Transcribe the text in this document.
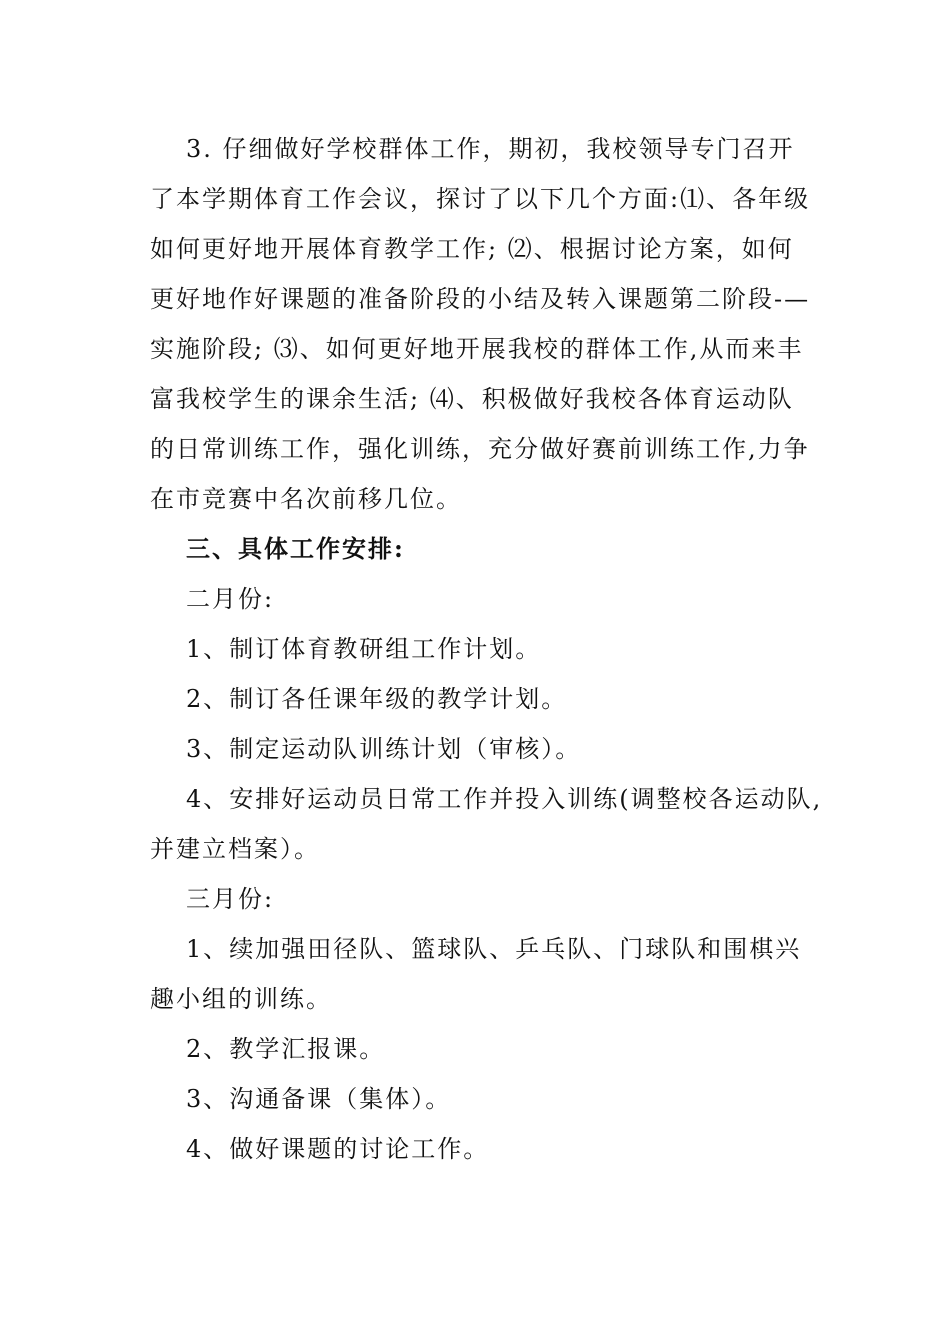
3. 仔细做好学校群体工作，期初，我校领导专门召开
了本学期体育工作会议，探讨了以下几个方面:⑴、各年级
如何更好地开展体育教学工作; ⑵、根据讨论方案，如何
更好地作好课题的准备阶段的小结及转入课题第二阶段-—
实施阶段; ⑶、如何更好地开展我校的群体工作,从而来丰
富我校学生的课余生活; ⑷、积极做好我校各体育运动队
的日常训练工作，强化训练，充分做好赛前训练工作,力争
在市竞赛中名次前移几位。
三、具体工作安排:
二月份:
1、制订体育教研组工作计划。
2、制订各任课年级的教学计划。
3、制定运动队训练计划（审核）。
4、安排好运动员日常工作并投入训练(调整校各运动队,
并建立档案）。
三月份:
1、续加强田径队、篮球队、乒乓队、门球队和围棋兴
趣小组的训练。
2、教学汇报课。
3、沟通备课（集体）。
4、做好课题的讨论工作。
